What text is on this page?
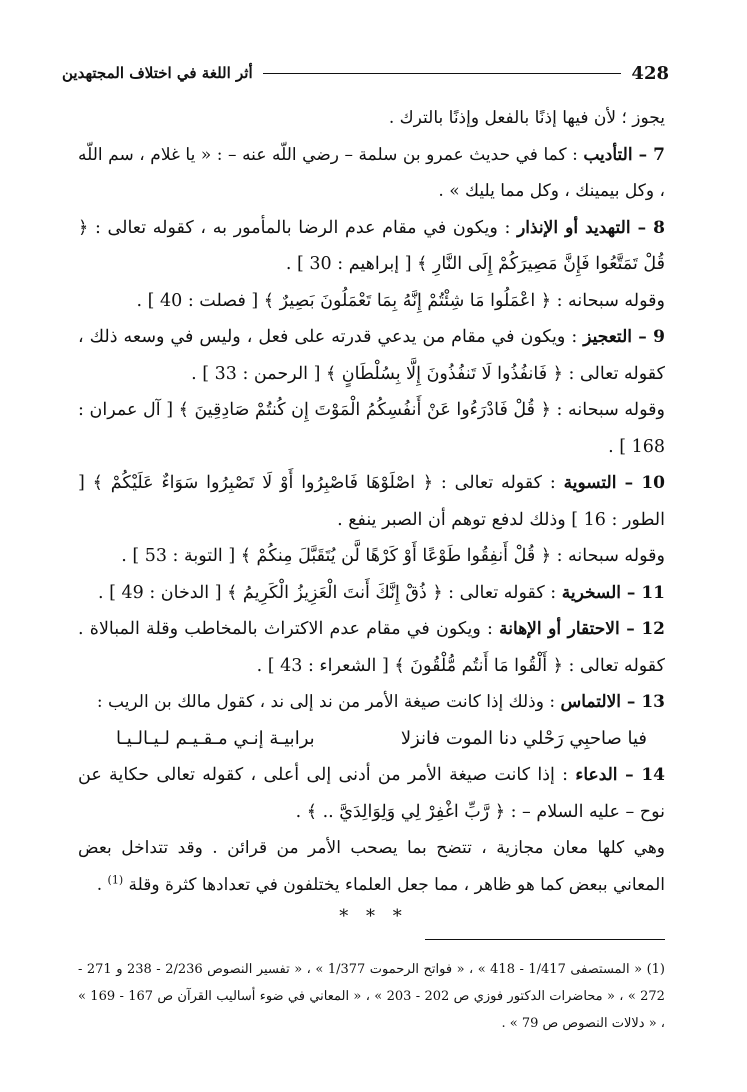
428
أثر اللغة في اختلاف المجتهدين

يجوز ؛ لأن فيها إذنًا بالفعل وإذنًا بالترك .

7 – التأديب : كما في حديث عمرو بن سلمة – رضي اللّه عنه – : « يا غلام ، سم اللّه ، وكل بيمينك ، وكل مما يليك » .

8 – التهديد أو الإنذار : ويكون في مقام عدم الرضا بالمأمور به ، كقوله تعالى : ﴿ قُلْ تَمَتَّعُوا فَإِنَّ مَصِيرَكُمْ إِلَى النَّارِ ﴾ [ إبراهيم : 30 ] .

وقوله سبحانه : ﴿ اعْمَلُوا مَا شِئْتُمْ إِنَّهُ بِمَا تَعْمَلُونَ بَصِيرٌ ﴾ [ فصلت : 40 ] .

9 – التعجيز : ويكون في مقام من يدعي قدرته على فعل ، وليس في وسعه ذلك ، كقوله تعالى : ﴿ فَانفُذُوا لَا تَنفُذُونَ إِلَّا بِسُلْطَانٍ ﴾ [ الرحمن : 33 ] .

وقوله سبحانه : ﴿ قُلْ فَادْرَءُوا عَنْ أَنفُسِكُمُ الْمَوْتَ إِن كُنتُمْ صَادِقِينَ ﴾ [ آل عمران : 168 ] .

10 – التسوية : كقوله تعالى : ﴿ اصْلَوْهَا فَاصْبِرُوا أَوْ لَا تَصْبِرُوا سَوَاءٌ عَلَيْكُمْ ﴾ [ الطور : 16 ] وذلك لدفع توهم أن الصبر ينفع .

وقوله سبحانه : ﴿ قُلْ أَنفِقُوا طَوْعًا أَوْ كَرْهًا لَّن يُتَقَبَّلَ مِنكُمْ ﴾ [ التوبة : 53 ] .

11 – السخرية : كقوله تعالى : ﴿ ذُقْ إِنَّكَ أَنتَ الْعَزِيزُ الْكَرِيمُ ﴾ [ الدخان : 49 ] .

12 – الاحتقار أو الإهانة : ويكون في مقام عدم الاكتراث بالمخاطب وقلة المبالاة . كقوله تعالى : ﴿ أَلْقُوا مَا أَنتُم مُّلْقُونَ ﴾ [ الشعراء : 43 ] .

13 – الالتماس : وذلك إذا كانت صيغة الأمر من ند إلى ند ، كقول مالك بن الريب :

فيا صاحبِي رَحْلي دنا الموت فانزلا
برابيـة إنـي مـقـيـم لـيـالـيـا

14 – الدعاء : إذا كانت صيغة الأمر من أدنى إلى أعلى ، كقوله تعالى حكاية عن نوح – عليه السلام – : ﴿ رَّبِّ اغْفِرْ لِي وَلِوَالِدَيَّ .. ﴾ .

وهي كلها معان مجازية ، تتضح بما يصحب الأمر من قرائن . وقد تتداخل بعض المعاني ببعض كما هو ظاهر ، مما جعل العلماء يختلفون في تعدادها كثرة وقلة $^{(1)}$ .

* * *
(1) « المستصفى 1/417 - 418 » ، « فواتح الرحموت 1/377 » ، « تفسير النصوص 2/236 - 238 و 271 - 272 » ، « محاضرات الدكتور فوزي ص 202 - 203 » ، « المعاني في ضوء أساليب القرآن ص 167 - 169 » ، « دلالات النصوص ص 79 » .
